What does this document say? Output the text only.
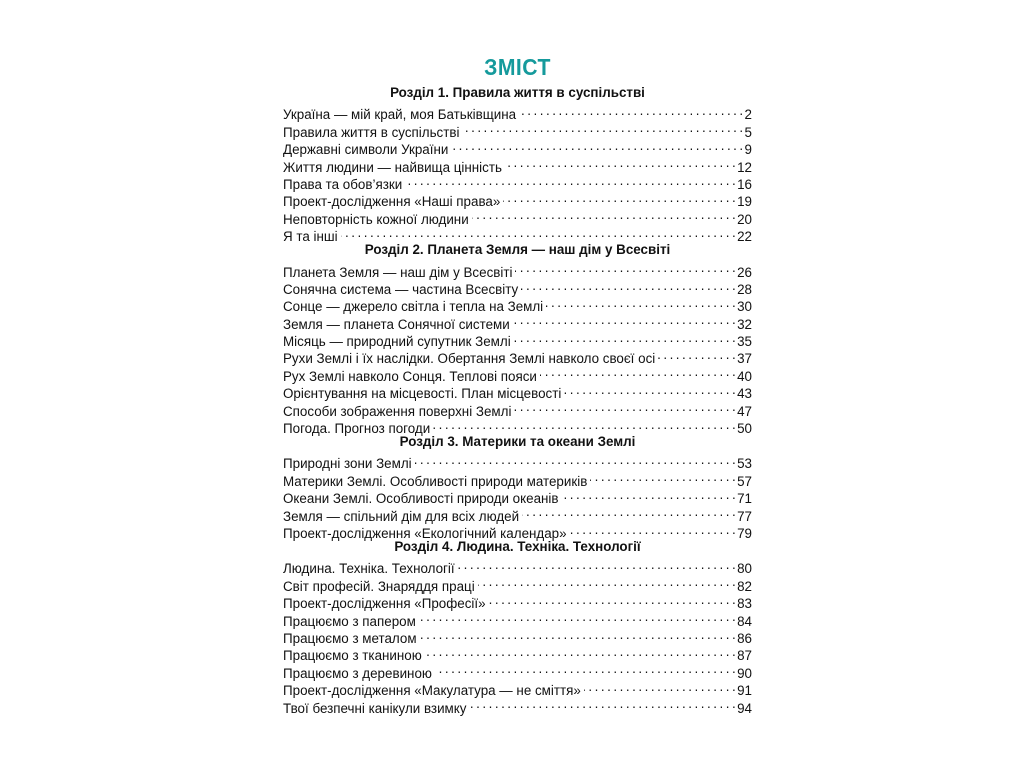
ЗМІСТ
Розділ 1. Правила життя в суспільстві
Україна — мій край, моя Батьківщина . . .	2
Правила життя в суспільстві . . .	5
Державні символи України . . .	9
Життя людини — найвища цінність . . .	12
Права та обов’язки . . .	16
Проект-дослідження «Наші права» . . .	19
Неповторність кожної людини . . .	20
Я та інші . . .	22
Розділ 2. Планета Земля — наш дім у Всесвіті
Планета Земля — наш дім у Всесвіті . . .	26
Сонячна система — частина Всесвіту . . .	28
Сонце — джерело світла і тепла на Землі . . .	30
Земля — планета Сонячної системи . . .	32
Місяць — природний супутник Землі . . .	35
Рухи Землі і їх наслідки. Обертання Землі навколо своєї осі . . .	37
Рух Землі навколо Сонця. Теплові пояси . . .	40
Орієнтування на місцевості. План місцевості . . .	43
Способи зображення поверхні Землі . . .	47
Погода. Прогноз погоди . . .	50
Розділ 3. Материки та океани Землі
Природні зони Землі . . .	53
Материки Землі. Особливості природи материків . . .	57
Океани Землі. Особливості природи океанів . . .	71
Земля — спільний дім для всіх людей . . .	77
Проект-дослідження «Екологічний календар» . . .	79
Розділ 4. Людина. Техніка. Технології
Людина. Техніка. Технології . . .	80
Світ професій. Знаряддя праці . . .	82
Проект-дослідження «Професії» . . .	83
Працюємо з папером . . .	84
Працюємо з металом . . .	86
Працюємо з тканиною . . .	87
Працюємо з деревиною . . .	90
Проект-дослідження «Макулатура — не сміття» . . .	91
Твої безпечні канікули взимку . . .	94
